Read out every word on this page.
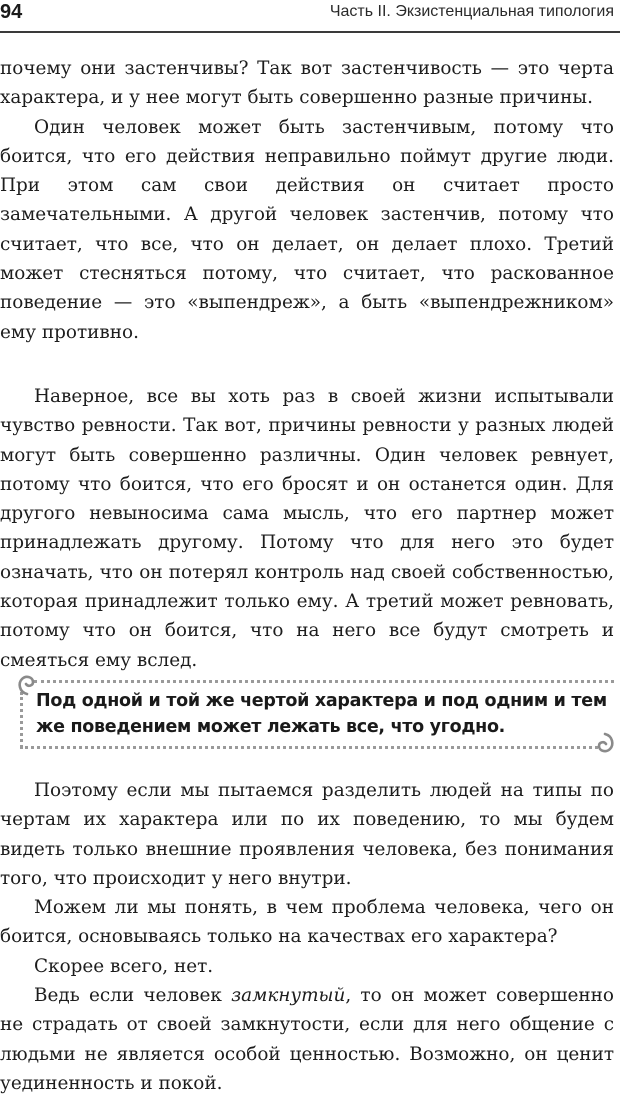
94	Часть II. Экзистенциальная типология

почему они застенчивы? Так вот застенчивость — это черта характера, и у нее могут быть совершенно разные причины.

Один человек может быть застенчивым, потому что боится, что его действия неправильно поймут другие люди. При этом сам свои действия он считает просто замечательными. А другой человек застенчив, потому что считает, что все, что он делает, он делает плохо. Третий может стесняться потому, что считает, что раскованное поведение — это «выпендреж», а быть «выпендрежником» ему противно.

Наверное, все вы хоть раз в своей жизни испытывали чувство ревности. Так вот, причины ревности у разных людей могут быть совершенно различны. Один человек ревнует, потому что боится, что его бросят и он останется один. Для другого невыносима сама мысль, что его партнер может принадлежать другому. Потому что для него это будет означать, что он потерял контроль над своей собственностью, которая принадлежит только ему. А третий может ревновать, потому что он боится, что на него все будут смотреть и смеяться ему вслед.

Под одной и той же чертой характера и под одним и тем же поведением может лежать все, что угодно.

Поэтому если мы пытаемся разделить людей на типы по чертам их характера или по их поведению, то мы будем видеть только внешние проявления человека, без понимания того, что происходит у него внутри.

Можем ли мы понять, в чем проблема человека, чего он боится, основываясь только на качествах его характера?

Скорее всего, нет.

Ведь если человек замкнутый, то он может совершенно не страдать от своей замкнутости, если для него общение с людьми не является особой ценностью. Возможно, он ценит уединенность и покой.
